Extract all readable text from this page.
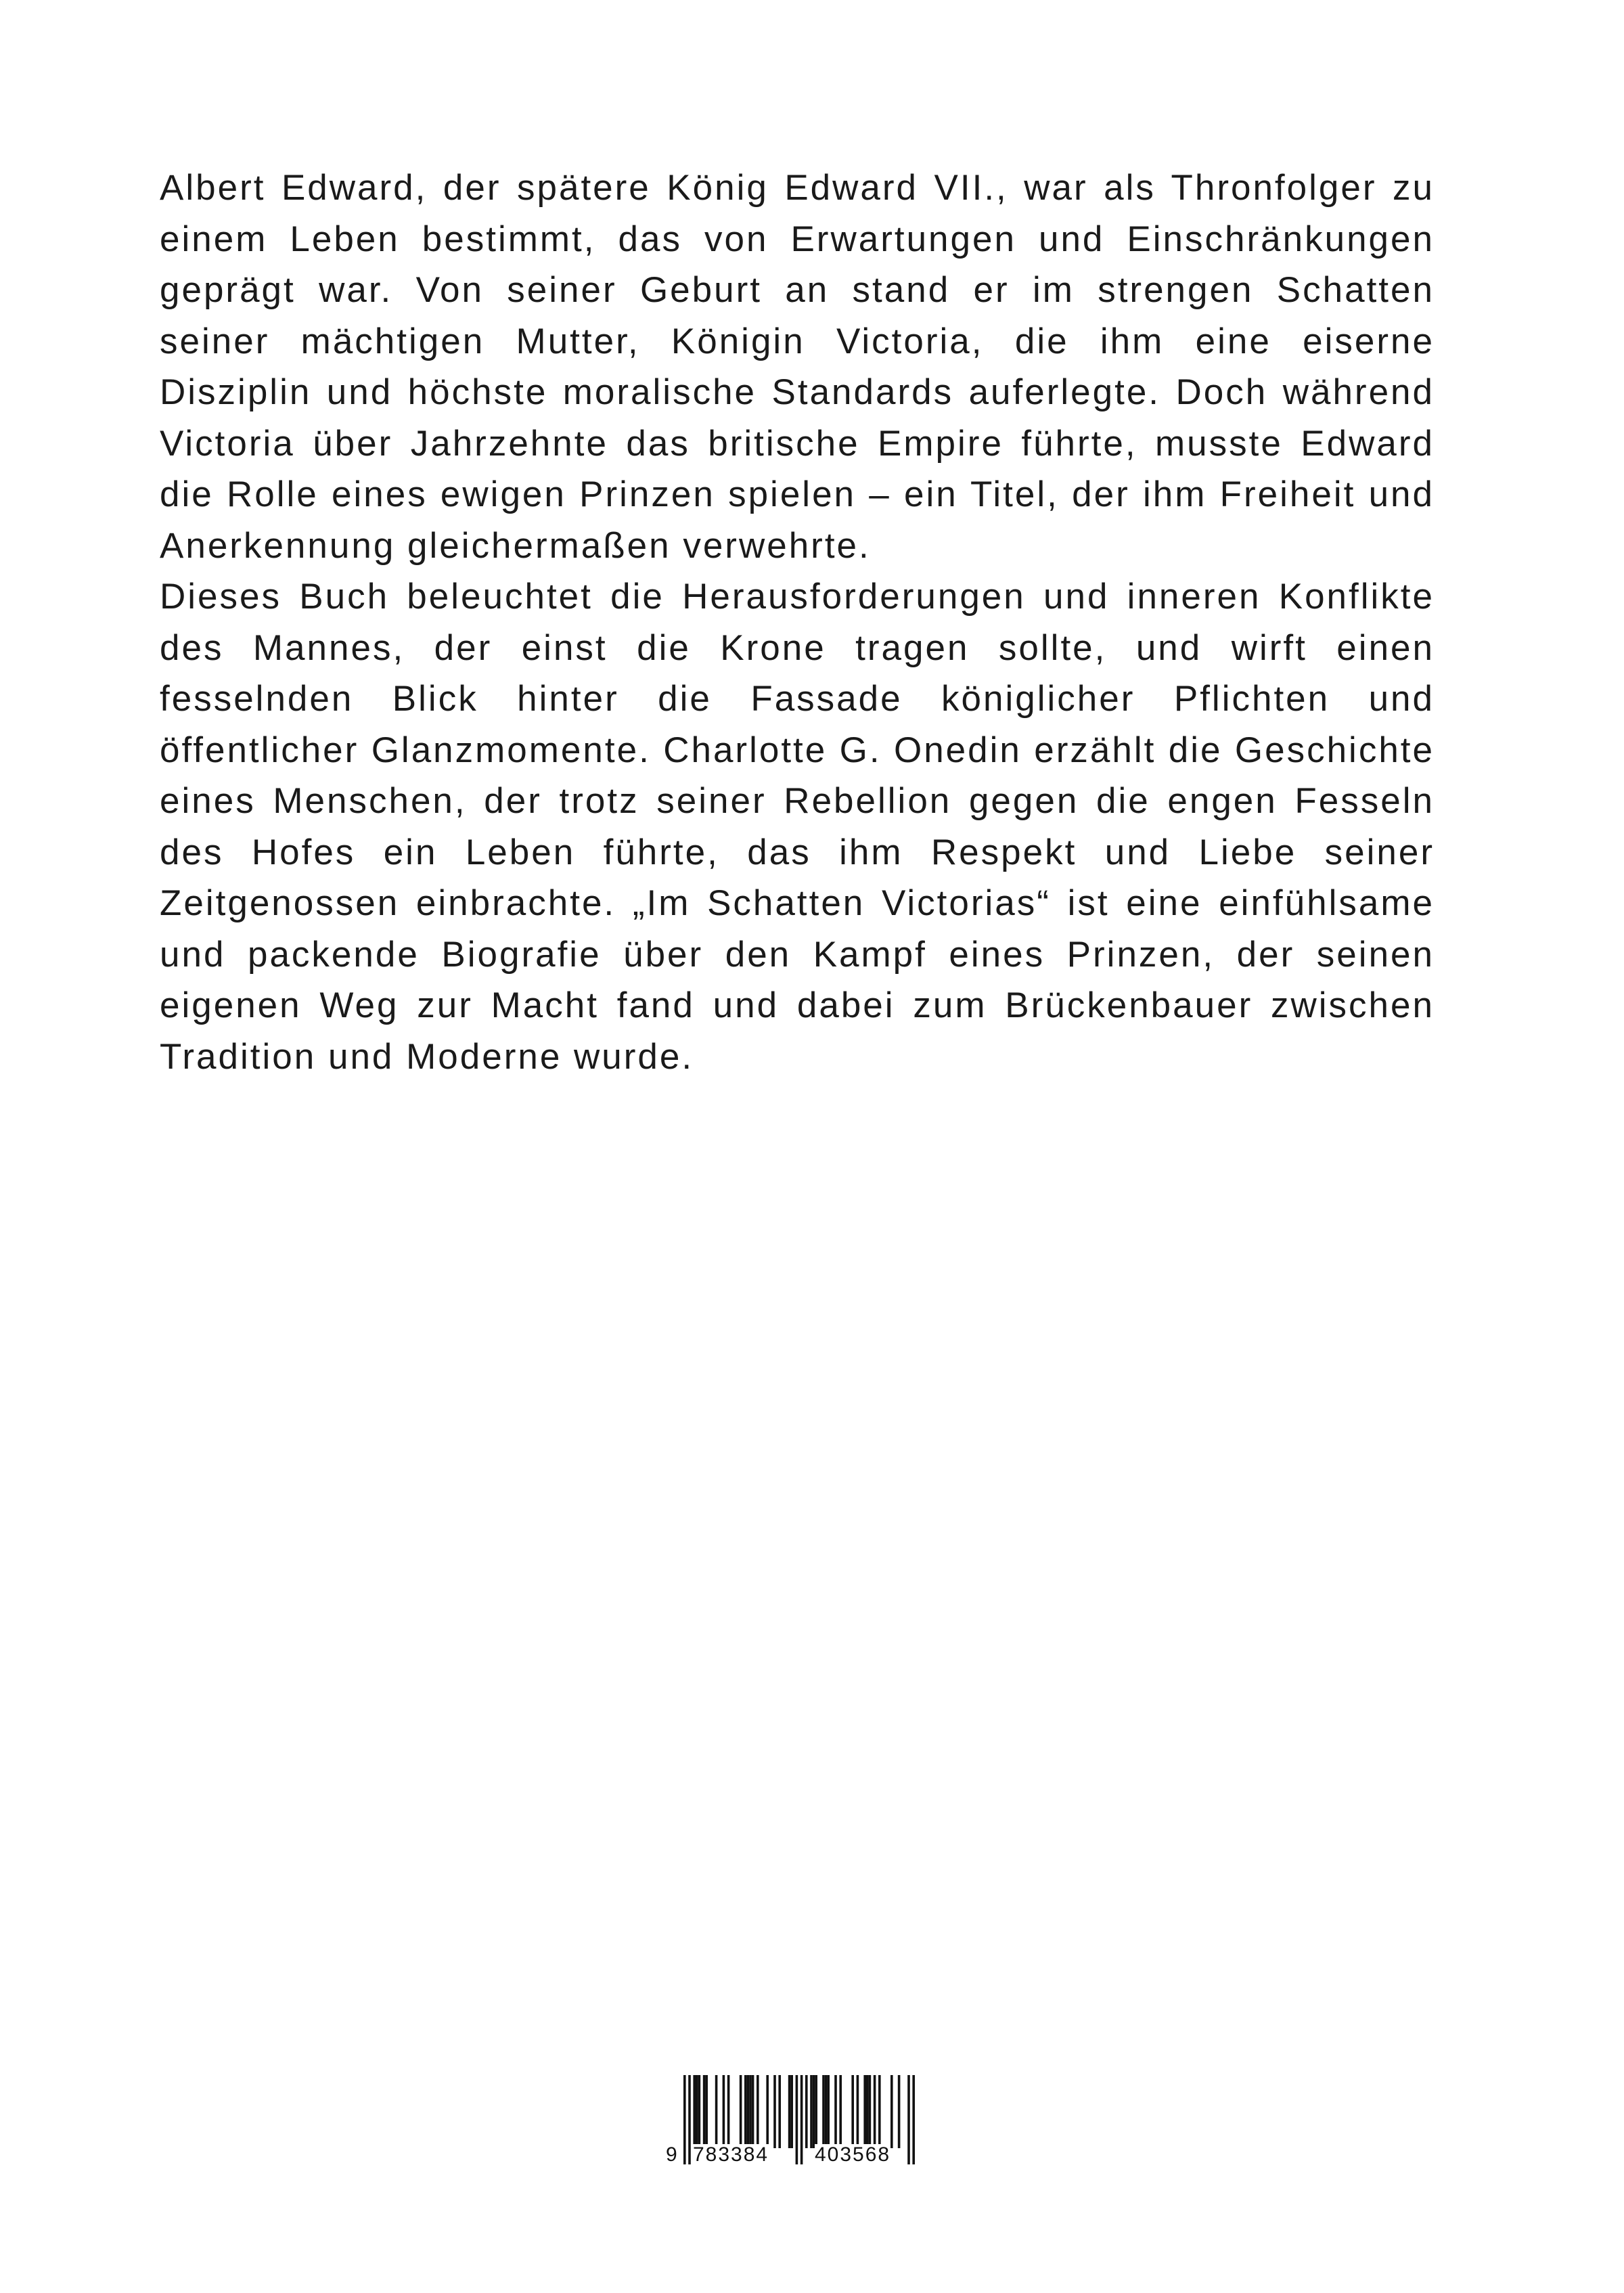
Albert Edward, der spätere König Edward VII., war als Thronfolger zu einem Leben bestimmt, das von Erwartungen und Einschränkungen geprägt war. Von seiner Geburt an stand er im strengen Schatten seiner mächtigen Mutter, Königin Victoria, die ihm eine eiserne Disziplin und höchste moralische Standards auferlegte. Doch während Victoria über Jahrzehnte das britische Empire führte, musste Edward die Rolle eines ewigen Prinzen spielen – ein Titel, der ihm Freiheit und Anerkennung gleichermaßen verwehrte.

Dieses Buch beleuchtet die Herausforderungen und inneren Konflikte des Mannes, der einst die Krone tragen sollte, und wirft einen fesselnden Blick hinter die Fassade königlicher Pflichten und öffentlicher Glanzmomente. Charlotte G. Onedin erzählt die Geschichte eines Menschen, der trotz seiner Rebellion gegen die engen Fesseln des Hofes ein Leben führte, das ihm Respekt und Liebe seiner Zeitgenossen einbrachte. „Im Schatten Victorias“ ist eine einfühlsame und packende Biografie über den Kampf eines Prinzen, der seinen eigenen Weg zur Macht fand und dabei zum Brückenbauer zwischen Tradition und Moderne wurde.

9 783384 403568
